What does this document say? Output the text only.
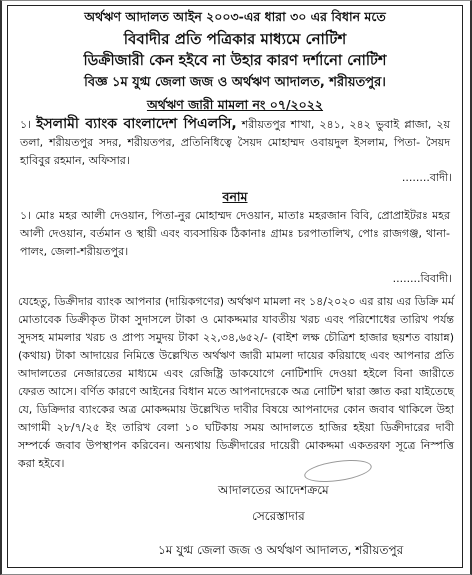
অর্থঋণ আদালত আইন ২০০৩-এর ধারা ৩০ এর বিধান মতে
বিবাদীর প্রতি পত্রিকার মাধ্যমে নোটিশ
ডিক্রীজারী কেন হইবে না উহার কারণ দর্শানো নোটিশ
বিজ্ঞ ১ম যুগ্ম জেলা জজ ও অর্থঋণ আদালত, শরীয়তপুর।
অর্থঋণ জারী মামলা নং ০৭/২০২২
১। ইসলামী ব্যাংক বাংলাদেশ পিএলসি, শরীয়তপুর শাখা, ২৪১, ২৪২ ভুবাই প্লাজা, ২য় তলা, শরীয়তপুর সদর, শরীয়তপর, প্রতিনিধিত্বে সৈয়দ মোহাম্মদ ওবায়দুল ইসলাম, পিতা- সৈয়দ হাবিবুর রহমান, অফিসার।
........বাদী।
বনাম
১। মোঃ মহর আলী দেওয়ান, পিতা-নুর মোহাম্মদ দেওয়ান, মাতাঃ মহরজান বিবি, প্রোপ্রাইটরঃ মহর আলী দেওয়ান, বর্তমান ও স্থায়ী এবং ব্যবসায়িক ঠিকানাঃ গ্রামঃ চরপাতালিখ, পোঃ রাজগঞ্জ, থানা-পালং, জেলা-শরীয়তপুর।
........বিবাদী।
যেহেতু, ডিক্রীদার ব্যাংক আপনার (দায়িকগণের) অর্থঋণ মামলা নং ১৪/২০২০ এর রায় এর ডিক্রি মর্ম মোতাবেক ডিক্রীকৃত টাকা সুদাসলে টাকা ও মোকদ্দমার যাবতীয় খরচ এবং পরিশোধের তারিখ পর্যন্ত সুদসহ মামলার খরচ ও প্রাপ্য সমুদয় টাকা ২২,৩৪,৬৫২/- (বাইশ লক্ষ চৌত্রিশ হাজার ছয়শত বায়ান্ন) (কথায়) টাকা আদায়ের নিমিত্তে উল্লেখিত অর্থঋণ জারী মামলা দায়ের করিয়াছে এবং আপনার প্রতি আদালতের নেজারতের মাধ্যমে এবং রেজিষ্ট্রি ডাকযোগে নোটিশাদি দেওয়া হইলে বিনা জারীতে ফেরত আসে। বর্ণিত কারণে আইনের বিধান মতে আপনাদেরকে অত্র নোটিশ দ্বারা জ্ঞাত করা যাইতেছে যে, ডিক্রিদার ব্যাংকের অত্র মোকদ্দমায় উল্লেখিত দাবীর বিষয়ে আপনাদের কোন জবাব থাকিলে উহা আগামী ২৮/৭/২৫ ইং তারিখ বেলা ১০ ঘটিকায় সময় আদালতে হাজির হইয়া ডিক্রীদারের দাবী সম্পর্কে জবাব উপস্থাপন করিবেন। অন্যথায় ডিক্রীদারের দায়েরী মোকদ্দমা একতরফা সূত্রে নিস্পত্তি করা হইবে।
আদালতের আদেশক্রমে
সেরেস্তাদার
১ম যুগ্ম জেলা জজ ও অর্থঋণ আদালত, শরীয়তপুর
